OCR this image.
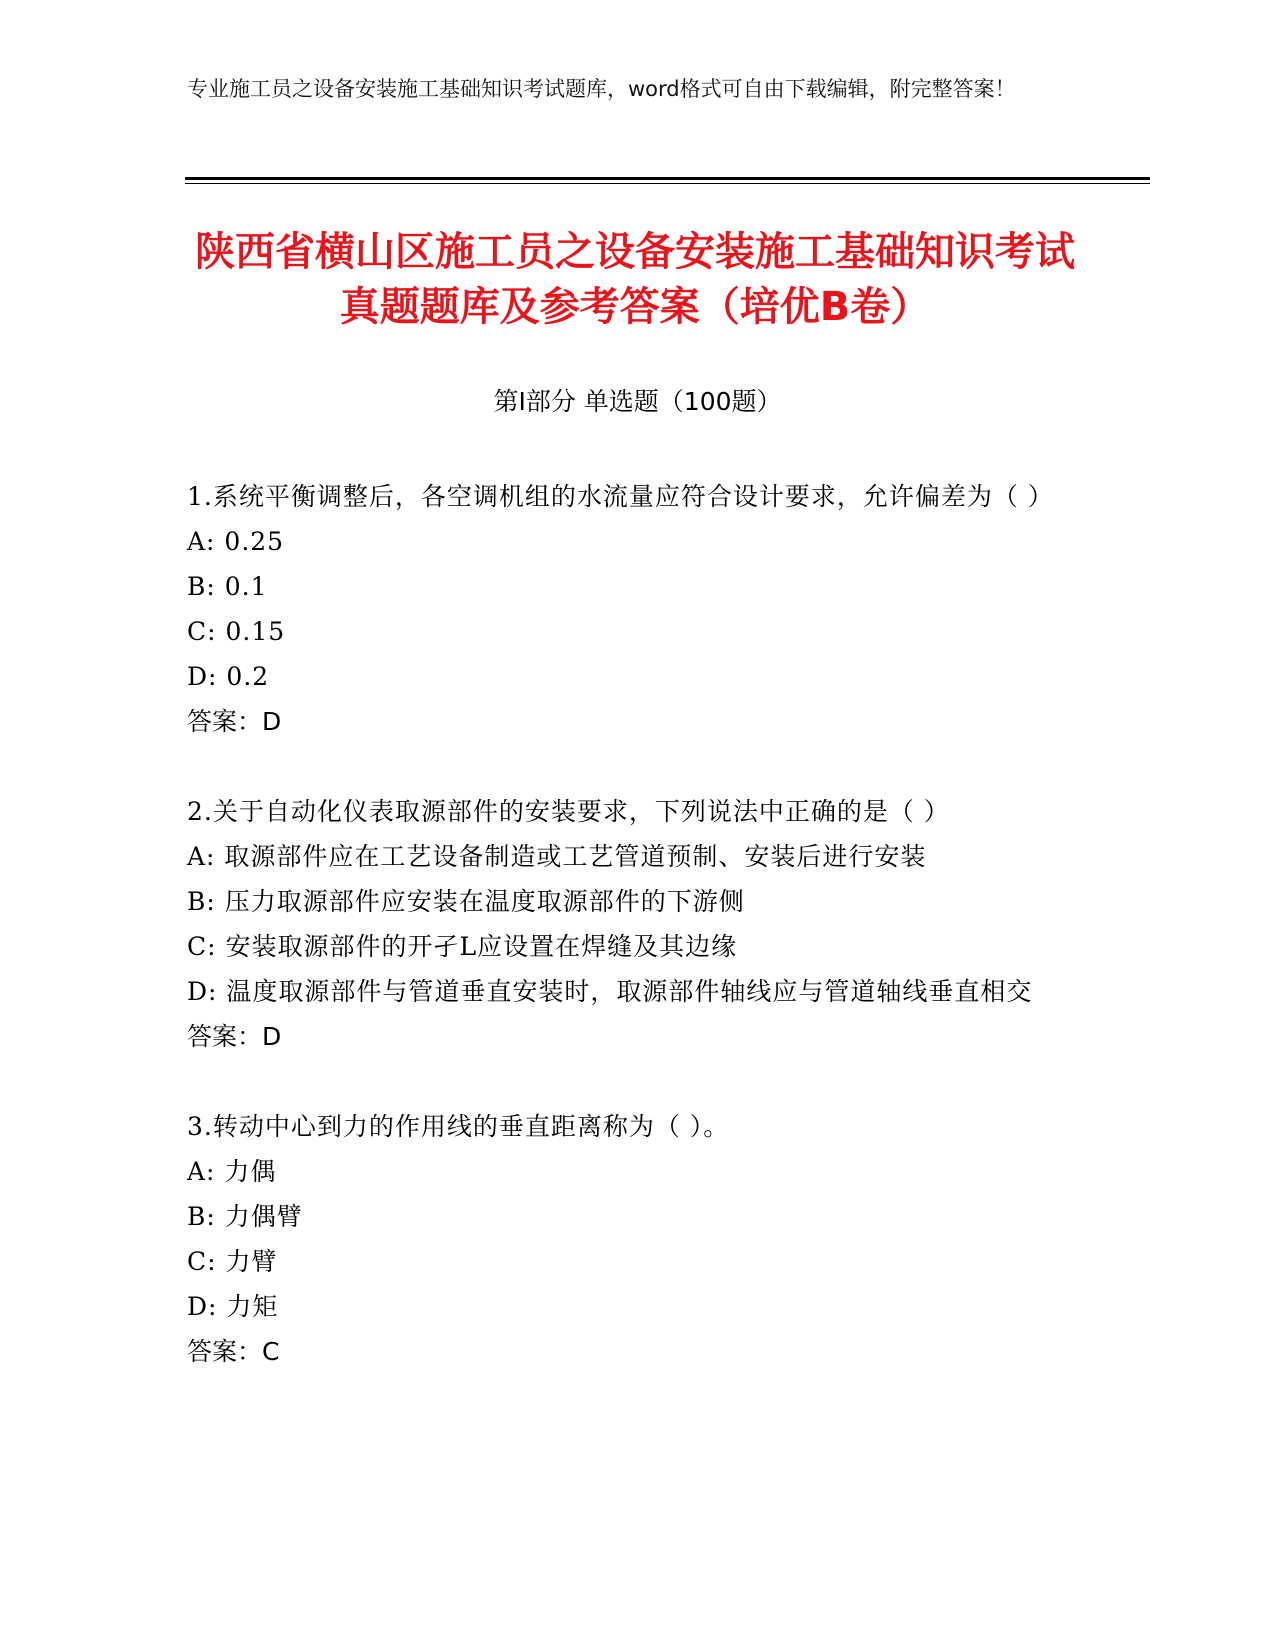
专业施工员之设备安装施工基础知识考试题库，word格式可自由下载编辑，附完整答案！
陕西省横山区施工员之设备安装施工基础知识考试真题题库及参考答案（培优B卷）
第I部分 单选题（100题）
1.系统平衡调整后，各空调机组的水流量应符合设计要求，允许偏差为（ ）
A: 0.25
B: 0.1
C: 0.15
D: 0.2
答案：D
2.关于自动化仪表取源部件的安装要求，下列说法中正确的是（ ）
A: 取源部件应在工艺设备制造或工艺管道预制、安装后进行安装
B: 压力取源部件应安装在温度取源部件的下游侧
C: 安装取源部件的开孑L应设置在焊缝及其边缘
D: 温度取源部件与管道垂直安装时，取源部件轴线应与管道轴线垂直相交
答案：D
3.转动中心到力的作用线的垂直距离称为（ ）。
A: 力偶
B: 力偶臂
C: 力臂
D: 力矩
答案：C
